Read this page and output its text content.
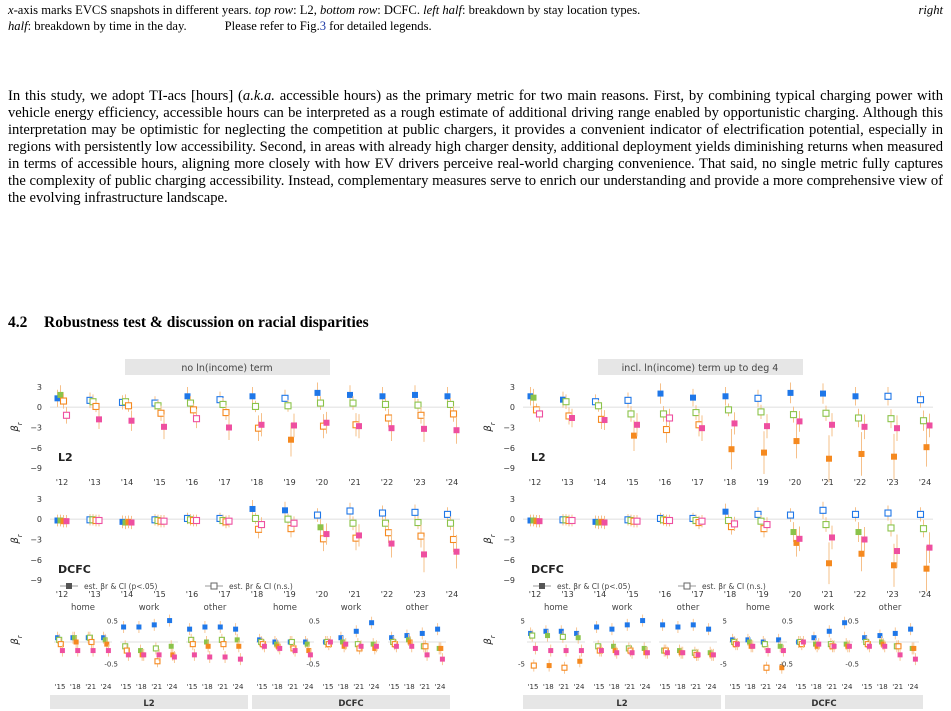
x-axis marks EVCS snapshots in different years. top row: L2, bottom row: DCFC. left half: breakdown by stay location types.	right
half: breakdown by time in the day.	Please refer to Fig.3 for detailed legends.
In this study, we adopt TI-acs [hours] (a.k.a. accessible hours) as the primary metric for two main reasons. First, by combining typical charging power with vehicle energy efficiency, accessible hours can be interpreted as a rough estimate of additional driving range enabled by opportunistic charging. Although this interpretation may be optimistic for neglecting the competition at public chargers, it provides a convenient indicator of electrification potential, especially in regions with persistently low accessibility. Second, in areas with already high charger density, additional deployment yields diminishing returns when measured in terms of accessible hours, aligning more closely with how EV drivers perceive real-world charging convenience. That said, no single metric fully captures the complexity of public charging accessibility. Instead, complementary measures serve to enrich our understanding and provide a more comprehensive view of the evolving infrastructure landscape.
4.2 Robustness test & discussion on racial disparities
no ln(income) term
3
0
−3
−6
−9
$\beta_r$
'12	'13	'14	'15	'16	'17	'18	'19	'20	'21	'22	'23	'24
L2
3
0
−3
−6
−9
$\beta_r$
'12	'13	'14	'15	'16	'17	'18	'19	'20	'21	'22	'23	'24
DCFC
est. βr & CI (p<.05)	est. βr & CI (n.s.)
$\beta_r$
L2
home
'15 '18 '21 '24
work
0.5
-0.5
'15 '18 '21 '24
other
'15 '18 '21 '24
DCFC
home
'15 '18 '21 '24
work
0.5
-0.5
'15 '18 '21 '24
other
'15 '18 '21 '24
incl. ln(income) term up to deg 4
3
0
−3
−6
−9
$\beta_r$
'12	'13	'14	'15	'16	'17	'18	'19	'20	'21	'22	'23	'24
L2
3
0
−3
−6
−9
$\beta_r$
'12	'13	'14	'15	'16	'17	'18	'19	'20	'21	'22	'23	'24
DCFC
est. βr & CI (p<.05)	est. βr & CI (n.s.)
$\beta_r$
L2
home
5
-5
'15 '18 '21 '24
work
'15 '18 '21 '24
other
'15 '18 '21 '24
DCFC
home
5
-5
'15 '18 '21 '24
work
0.5
-0.5
'15 '18 '21 '24
other
0.5
-0.5
'15 '18 '21 '24
